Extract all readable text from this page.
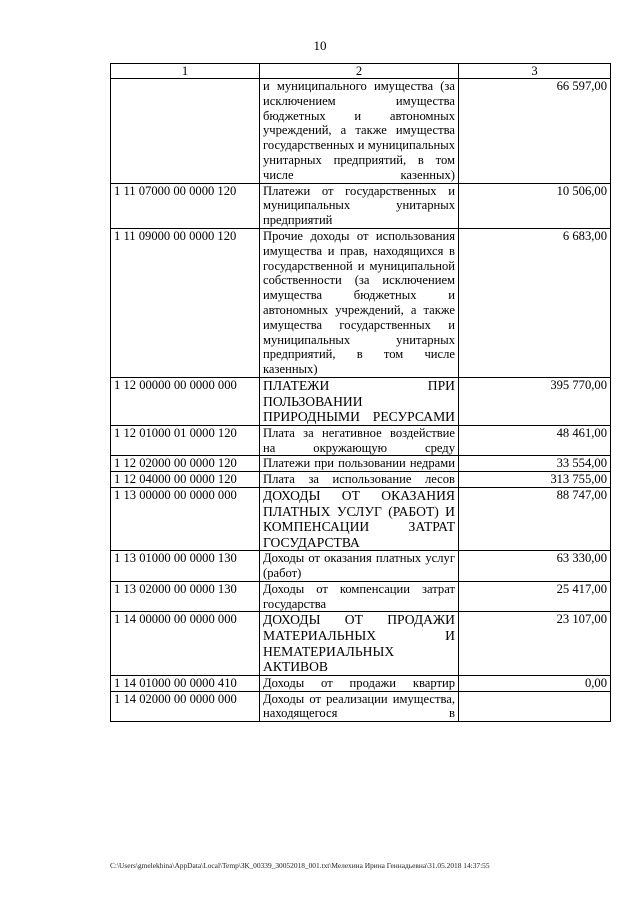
10
1	2	3
	и муниципального имущества (за исключением имущества бюджетных и автономных учреждений, а также имущества государственных и муниципальных унитарных предприятий, в том числе казенных)	66 597,00
1 11 07000 00 0000 120	Платежи от государственных и муниципальных унитарных предприятий	10 506,00
1 11 09000 00 0000 120	Прочие доходы от использования имущества и прав, находящихся в государственной и муниципальной собственности (за исключением имущества бюджетных и автономных учреждений, а также имущества государственных и муниципальных унитарных предприятий, в том числе казенных)	6 683,00
1 12 00000 00 0000 000	ПЛАТЕЖИ ПРИ ПОЛЬЗОВАНИИ ПРИРОДНЫМИ РЕСУРСАМИ	395 770,00
1 12 01000 01 0000 120	Плата за негативное воздействие на окружающую среду	48 461,00
1 12 02000 00 0000 120	Платежи при пользовании недрами	33 554,00
1 12 04000 00 0000 120	Плата за использование лесов	313 755,00
1 13 00000 00 0000 000	ДОХОДЫ ОТ ОКАЗАНИЯ ПЛАТНЫХ УСЛУГ (РАБОТ) И КОМПЕНСАЦИИ ЗАТРАТ ГОСУДАРСТВА	88 747,00
1 13 01000 00 0000 130	Доходы от оказания платных услуг (работ)	63 330,00
1 13 02000 00 0000 130	Доходы от компенсации затрат государства	25 417,00
1 14 00000 00 0000 000	ДОХОДЫ ОТ ПРОДАЖИ МАТЕРИАЛЬНЫХ И НЕМАТЕРИАЛЬНЫХ АКТИВОВ	23 107,00
1 14 01000 00 0000 410	Доходы от продажи квартир	0,00
1 14 02000 00 0000 000	Доходы от реализации имущества, находящегося в	
C:\Users\gmelekhina\AppData\Local\Temp\ЗК_00339_30052018_001.txt\Мелехина Ирина Геннадьевна\31.05.2018 14:37:55
